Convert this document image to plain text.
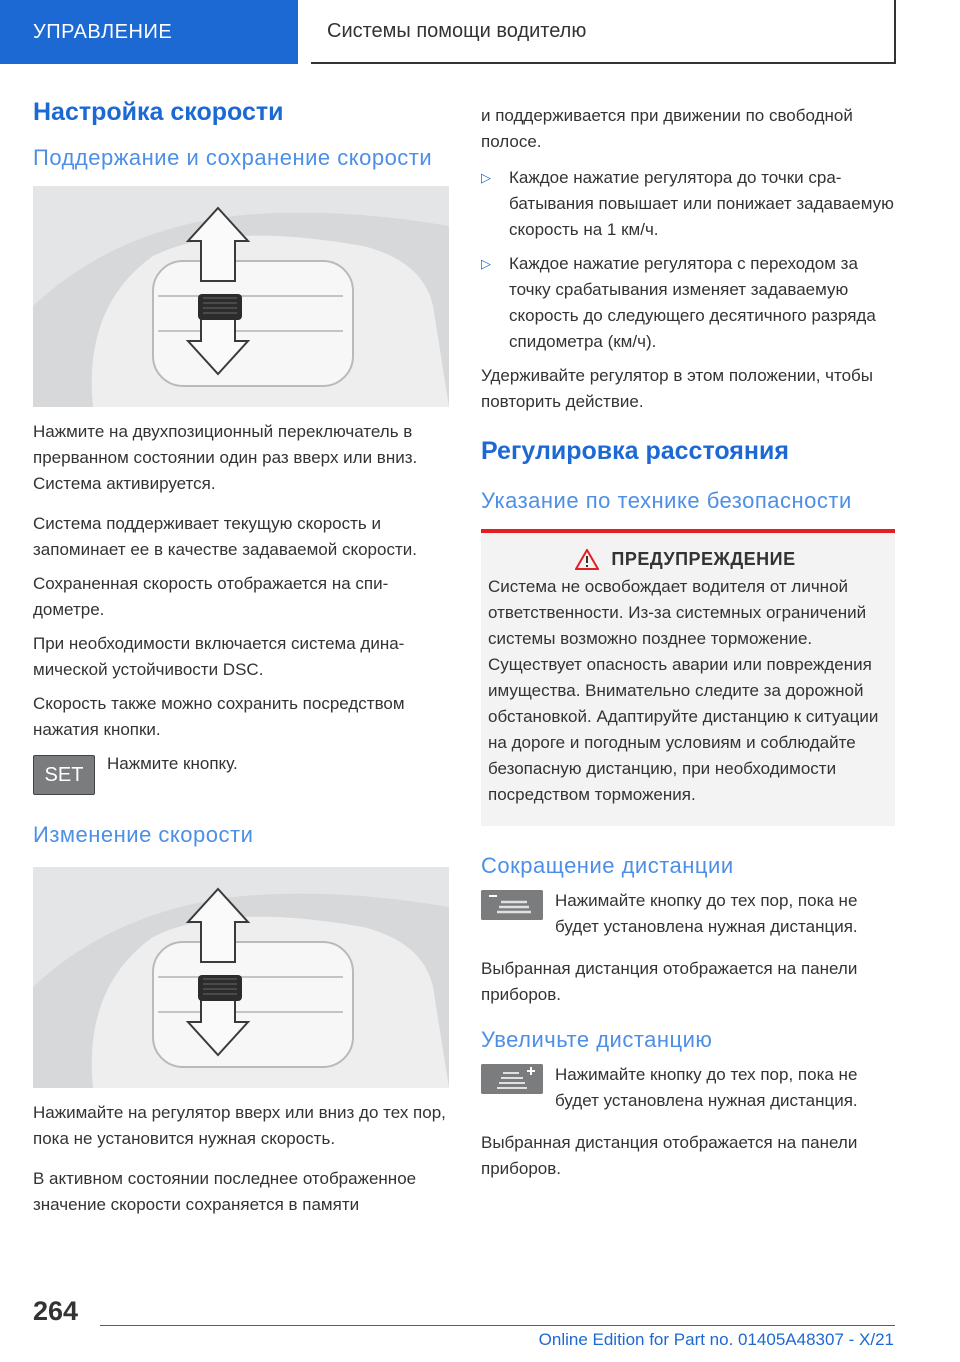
УПРАВЛЕНИЕ	Системы помощи водителю
Настройка скорости
Поддержание и сохранение скорости

Нажмите на двухпозиционный переключатель в прерванном состоянии один раз вверх или вниз. Система активируется.

Система поддерживает текущую скорость и запоминает ее в качестве задаваемой скорости.

Сохраненная скорость отображается на спидометре.

При необходимости включается система динамической устойчивости DSC.

Скорость также можно сохранить посредством нажатия кнопки.

SET Нажмите кнопку.

Изменение скорости

Нажимайте на регулятор вверх или вниз до тех пор, пока не установится нужная скорость.

В активном состоянии последнее отображенное значение скорости сохраняется в памяти

и поддерживается при движении по свободной полосе.

▷ Каждое нажатие регулятора до точки срабатывания повышает или понижает задаваемую скорость на 1 км/ч.
▷ Каждое нажатие регулятора с переходом за точку срабатывания изменяет задаваемую скорость до следующего десятичного разряда спидометра (км/ч).

Удерживайте регулятор в этом положении, чтобы повторить действие.

Регулировка расстояния
Указание по технике безопасности
ПРЕДУПРЕЖДЕНИЕ

Система не освобождает водителя от личной ответственности. Из-за системных ограничений системы возможно позднее торможение. Существует опасность аварии или повреждения имущества. Внимательно следите за дорожной обстановкой. Адаптируйте дистанцию к ситуации на дороге и погодным условиям и соблюдайте безопасную дистанцию, при необходимости посредством торможения.

Сокращение дистанции

Нажимайте кнопку до тех пор, пока не будет установлена нужная дистанция.

Выбранная дистанция отображается на панели приборов.

Увеличьте дистанцию

Нажимайте кнопку до тех пор, пока не будет установлена нужная дистанция.

Выбранная дистанция отображается на панели приборов.

264
Online Edition for Part no. 01405A48307 - X/21
